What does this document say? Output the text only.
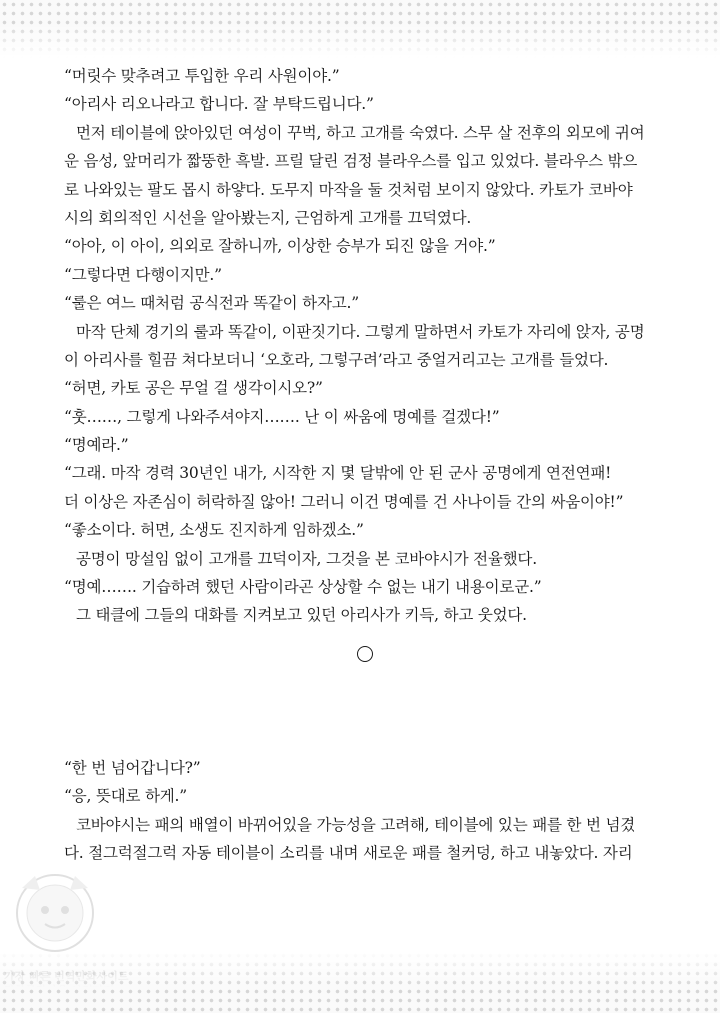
“머릿수 맞추려고 투입한 우리 사원이야.”
“아리사 리오나라고 합니다. 잘 부탁드립니다.”
먼저 테이블에 앉아있던 여성이 꾸벅, 하고 고개를 숙였다. 스무 살 전후의 외모에 귀여
운 음성, 앞머리가 짧뚱한 흑발. 프릴 달린 검정 블라우스를 입고 있었다. 블라우스 밖으
로 나와있는 팔도 몹시 하얗다. 도무지 마작을 둘 것처럼 보이지 않았다. 카토가 코바야
시의 회의적인 시선을 알아봤는지, 근엄하게 고개를 끄덕였다.
“아아, 이 아이, 의외로 잘하니까, 이상한 승부가 되진 않을 거야.”
“그렇다면 다행이지만.”
“룰은 여느 때처럼 공식전과 똑같이 하자고.”
마작 단체 경기의 룰과 똑같이, 이판짓기다. 그렇게 말하면서 카토가 자리에 앉자, 공명
이 아리사를 힐끔 쳐다보더니 ‘오호라, 그렇구려’라고 중얼거리고는 고개를 들었다.
“허면, 카토 공은 무얼 걸 생각이시오?”
“훗……, 그렇게 나와주셔야지……. 난 이 싸움에 명예를 걸겠다!”
“명예라.”
“그래. 마작 경력 30년인 내가, 시작한 지 몇 달밖에 안 된 군사 공명에게 연전연패!
더 이상은 자존심이 허락하질 않아! 그러니 이건 명예를 건 사나이들 간의 싸움이야!”
“좋소이다. 허면, 소생도 진지하게 임하겠소.”
공명이 망설임 없이 고개를 끄덕이자, 그것을 본 코바야시가 전율했다.
“명예……. 기습하려 했던 사람이라곤 상상할 수 없는 내기 내용이로군.”
그 태클에 그들의 대화를 지켜보고 있던 아리사가 키득, 하고 웃었다.
“한 번 넘어갑니다?”
“응, 뜻대로 하게.”
코바야시는 패의 배열이 바뀌어있을 가능성을 고려해, 테이블에 있는 패를 한 번 넘겼
다. 절그럭절그럭 자동 테이블이 소리를 내며 새로운 패를 철커덩, 하고 내놓았다. 자리
